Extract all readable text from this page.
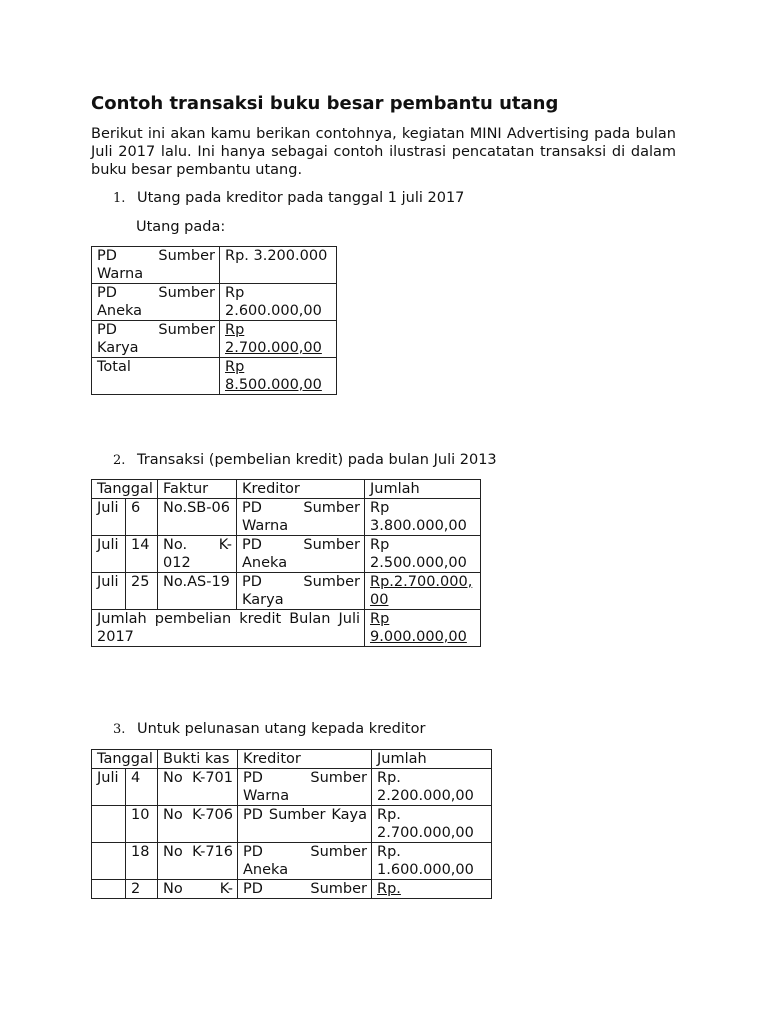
Contoh transaksi buku besar pembantu utang
Berikut ini akan kamu berikan contohnya, kegiatan MINI Advertising pada bulan Juli 2017 lalu. Ini hanya sebagai contoh ilustrasi pencatatan transaksi di dalam buku besar pembantu utang.
1. Utang pada kreditor pada tanggal 1 juli 2017
Utang pada:
PD Sumber Warna	Rp. 3.200.000
PD Sumber Aneka	Rp 2.600.000,00
PD Sumber Karya	Rp 2.700.000,00
Total	Rp 8.500.000,00
2. Transaksi (pembelian kredit) pada bulan Juli 2013
Tanggal		Faktur	Kreditor	Jumlah
Juli	6	No.SB-06	PD Sumber Warna	Rp 3.800.000,00
Juli	14	No. K-012	PD Sumber Aneka	Rp 2.500.000,00
Juli	25	No.AS-19	PD Sumber Karya	Rp.2.700.000,00
Jumlah pembelian kredit Bulan Juli 2017				Rp 9.000.000,00
3. Untuk pelunasan utang kepada kreditor
Tanggal		Bukti kas	Kreditor	Jumlah
Juli	4	No K-701	PD Sumber Warna	Rp. 2.200.000,00
	10	No K-706	PD Sumber Kaya	Rp. 2.700.000,00
	18	No K-716	PD Sumber Aneka	Rp. 1.600.000,00
	2	No K-	PD Sumber	Rp.
